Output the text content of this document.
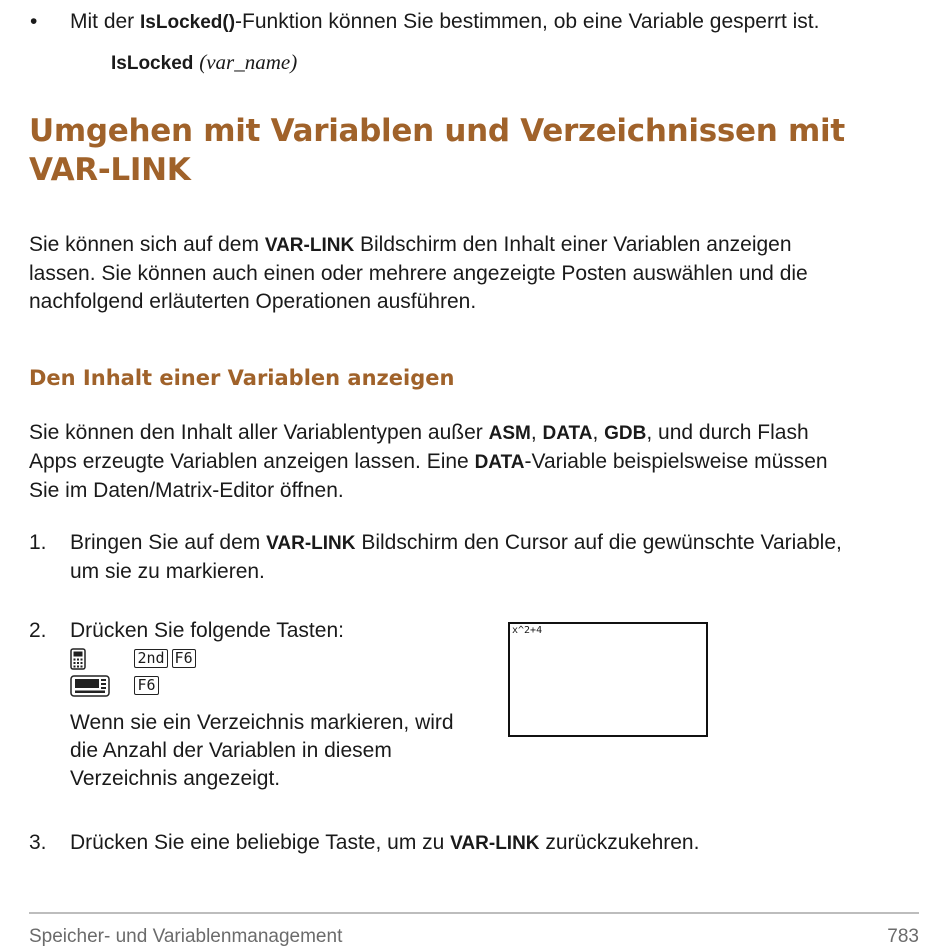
• Mit der IsLocked()-Funktion können Sie bestimmen, ob eine Variable gesperrt ist.
IsLocked (var_name)
Umgehen mit Variablen und Verzeichnissen mit
VAR-LINK
Sie können sich auf dem VAR-LINK Bildschirm den Inhalt einer Variablen anzeigen
lassen. Sie können auch einen oder mehrere angezeigte Posten auswählen und die
nachfolgend erläuterten Operationen ausführen.
Den Inhalt einer Variablen anzeigen
Sie können den Inhalt aller Variablentypen außer ASM, DATA, GDB, und durch Flash
Apps erzeugte Variablen anzeigen lassen. Eine DATA-Variable beispielsweise müssen
Sie im Daten/Matrix-Editor öffnen.
1. Bringen Sie auf dem VAR-LINK Bildschirm den Cursor auf die gewünschte Variable,
um sie zu markieren.
2. Drücken Sie folgende Tasten:
2nd F6
F6
Wenn sie ein Verzeichnis markieren, wird
die Anzahl der Variablen in diesem
Verzeichnis angezeigt.
x^2+4
3. Drücken Sie eine beliebige Taste, um zu VAR-LINK zurückzukehren.
Speicher- und Variablenmanagement	783
